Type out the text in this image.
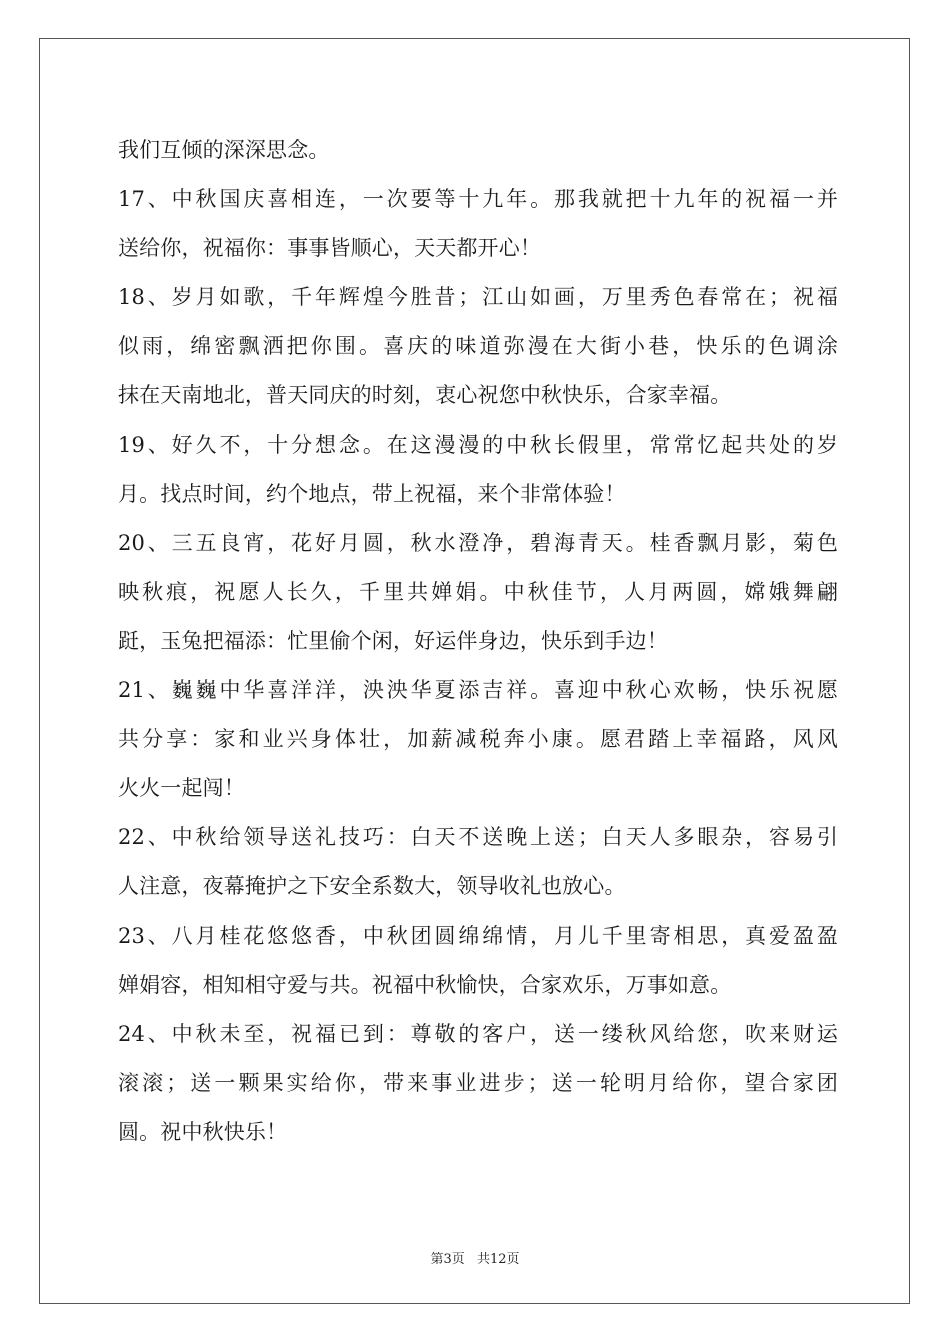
我们互倾的深深思念。
17、中秋国庆喜相连，一次要等十九年。那我就把十九年的祝福一并
送给你，祝福你：事事皆顺心，天天都开心！
18、岁月如歌，千年辉煌今胜昔；江山如画，万里秀色春常在；祝福
似雨，绵密飘洒把你围。喜庆的味道弥漫在大街小巷，快乐的色调涂
抹在天南地北，普天同庆的时刻，衷心祝您中秋快乐，合家幸福。
19、好久不，十分想念。在这漫漫的中秋长假里，常常忆起共处的岁
月。找点时间，约个地点，带上祝福，来个非常体验！
20、三五良宵，花好月圆，秋水澄净，碧海青天。桂香飘月影，菊色
映秋痕，祝愿人长久，千里共婵娟。中秋佳节，人月两圆，嫦娥舞翩
跹，玉兔把福添：忙里偷个闲，好运伴身边，快乐到手边！
21、巍巍中华喜洋洋，泱泱华夏添吉祥。喜迎中秋心欢畅，快乐祝愿
共分享：家和业兴身体壮，加薪减税奔小康。愿君踏上幸福路，风风
火火一起闯！
22、中秋给领导送礼技巧：白天不送晚上送；白天人多眼杂，容易引
人注意，夜幕掩护之下安全系数大，领导收礼也放心。
23、八月桂花悠悠香，中秋团圆绵绵情，月儿千里寄相思，真爱盈盈
婵娟容，相知相守爱与共。祝福中秋愉快，合家欢乐，万事如意。
24、中秋未至，祝福已到：尊敬的客户，送一缕秋风给您，吹来财运
滚滚；送一颗果实给你，带来事业进步；送一轮明月给你，望合家团
圆。祝中秋快乐！
第3页 共12页
